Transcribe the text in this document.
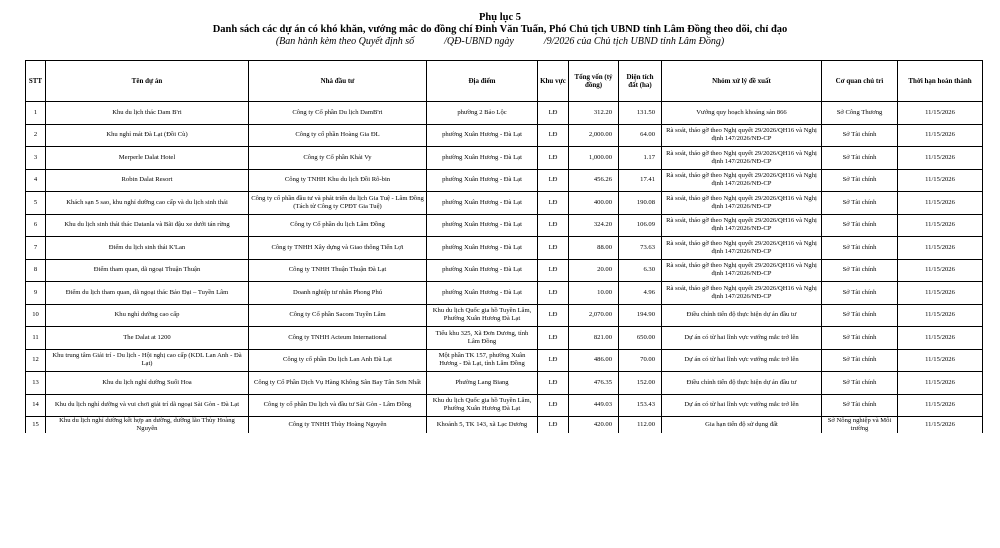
Phụ lục 5
Danh sách các dự án có khó khăn, vướng mắc do đồng chí Đinh Văn Tuấn, Phó Chủ tịch UBND tỉnh Lâm Đồng theo dõi, chỉ đạo
(Ban hành kèm theo Quyết định số	/QĐ-UBND ngày	/9/2026 của Chủ tịch UBND tỉnh Lâm Đồng)
STT	Tên dự án	Nhà đầu tư	Địa điểm	Khu vực	Tổng vốn (tỷ đồng)	Diện tích đất (ha)	Nhóm xử lý đề xuất	Cơ quan chủ trì	Thời hạn hoàn thành
1	Khu du lịch thác Dam B'ri	Công ty Cổ phần Du lịch DamB'ri	phường 2 Bảo Lộc	LĐ	312.20	131.50	Vướng quy hoạch khoáng sản 866	Sở Công Thương	11/15/2026
2	Khu nghỉ mát Đà Lạt (Đồi Cù)	Công ty cổ phần Hoàng Gia ĐL	phường Xuân Hương - Đà Lạt	LĐ	2,000.00	64.00	Rà soát, tháo gỡ theo Nghị quyết 29/2026/QH16 và Nghị định 147/2026/NĐ-CP	Sở Tài chính	11/15/2026
3	Merperle Dalat Hotel	Công ty Cổ phần Khải Vy	phường Xuân Hương - Đà Lạt	LĐ	1,000.00	1.17	Rà soát, tháo gỡ theo Nghị quyết 29/2026/QH16 và Nghị định 147/2026/NĐ-CP	Sở Tài chính	11/15/2026
4	Robin Dalat Resort	Công ty TNHH Khu du lịch Đồi Rô-bin	phường Xuân Hương - Đà Lạt	LĐ	456.26	17.41	Rà soát, tháo gỡ theo Nghị quyết 29/2026/QH16 và Nghị định 147/2026/NĐ-CP	Sở Tài chính	11/15/2026
5	Khách sạn 5 sao, khu nghỉ dưỡng cao cấp và du lịch sinh thái	Công ty cổ phần đầu tư và phát triển du lịch Gia Tuệ - Lâm Đồng (Tách từ Công ty CPĐT Gia Tuệ)	phường Xuân Hương - Đà Lạt	LĐ	400.00	190.08	Rà soát, tháo gỡ theo Nghị quyết 29/2026/QH16 và Nghị định 147/2026/NĐ-CP	Sở Tài chính	11/15/2026
6	Khu du lịch sinh thái thác Datanla và Bãi đậu xe dưới tán rừng	Công ty Cổ phần du lịch Lâm Đồng	phường Xuân Hương - Đà Lạt	LĐ	324.20	106.09	Rà soát, tháo gỡ theo Nghị quyết 29/2026/QH16 và Nghị định 147/2026/NĐ-CP	Sở Tài chính	11/15/2026
7	Điểm du lịch sinh thái K'Lan	Công ty TNHH Xây dựng và Giao thông Tiến Lợi	phường Xuân Hương - Đà Lạt	LĐ	88.00	73.63	Rà soát, tháo gỡ theo Nghị quyết 29/2026/QH16 và Nghị định 147/2026/NĐ-CP	Sở Tài chính	11/15/2026
8	Điểm tham quan, dã ngoại Thuận Thuận	Công ty TNHH Thuận Thuận Đà Lạt	phường Xuân Hương - Đà Lạt	LĐ	20.00	6.30	Rà soát, tháo gỡ theo Nghị quyết 29/2026/QH16 và Nghị định 147/2026/NĐ-CP	Sở Tài chính	11/15/2026
9	Điểm du lịch tham quan, dã ngoại thác Bảo Đại – Tuyền Lâm	Doanh nghiệp tư nhân Phong Phú	phường Xuân Hương - Đà Lạt	LĐ	10.00	4.96	Rà soát, tháo gỡ theo Nghị quyết 29/2026/QH16 và Nghị định 147/2026/NĐ-CP	Sở Tài chính	11/15/2026
10	Khu nghỉ dưỡng cao cấp	Công ty Cổ phần Sacom Tuyền Lâm	Khu du lịch Quốc gia hồ Tuyền Lâm, Phường Xuân Hương Đà Lạt	LĐ	2,070.00	194.90	Điều chỉnh tiến độ thực hiện dự án đầu tư	Sở Tài chính	11/15/2026
11	The Dalat at 1200	Công ty TNHH Acteum International	Tiểu khu 325, Xã Đơn Dương, tỉnh Lâm Đồng	LĐ	821.00	650.00	Dự án có từ hai lĩnh vực vướng mắc trở lên	Sở Tài chính	11/15/2026
12	Khu trung tâm Giải trí - Du lịch - Hội nghị cao cấp (KDL Lan Anh - Đà Lạt)	Công ty cổ phần Du lịch Lan Anh Đà Lạt	Một phần TK 157, phường Xuân Hương - Đà Lạt, tỉnh Lâm Đồng	LĐ	486.00	70.00	Dự án có từ hai lĩnh vực vướng mắc trở lên	Sở Tài chính	11/15/2026
13	Khu du lịch nghỉ dưỡng Suối Hoa	Công ty Cổ Phần Dịch Vụ Hàng Không Sân Bay Tân Sơn Nhất	Phường Lang Biang	LĐ	476.35	152.00	Điều chỉnh tiến độ thực hiện dự án đầu tư	Sở Tài chính	11/15/2026
14	Khu du lịch nghỉ dưỡng và vui chơi giải trí dã ngoại Sài Gòn - Đà Lạt	Công ty cổ phần Du lịch và đầu tư Sài Gòn - Lâm Đồng	Khu du lịch Quốc gia hồ Tuyền Lâm, Phường Xuân Hương Đà Lạt	LĐ	449.03	153.43	Dự án có từ hai lĩnh vực vướng mắc trở lên	Sở Tài chính	11/15/2026
15	Khu du lịch nghỉ dưỡng kết hợp an dưỡng, dưỡng lão Thùy Hoàng Nguyên	Công ty TNHH Thùy Hoàng Nguyên	Khoảnh 5, TK 143, xã Lạc Dương	LĐ	420.00	112.00	Gia hạn tiến độ sử dụng đất	Sở Nông nghiệp và Môi trường	11/15/2026
